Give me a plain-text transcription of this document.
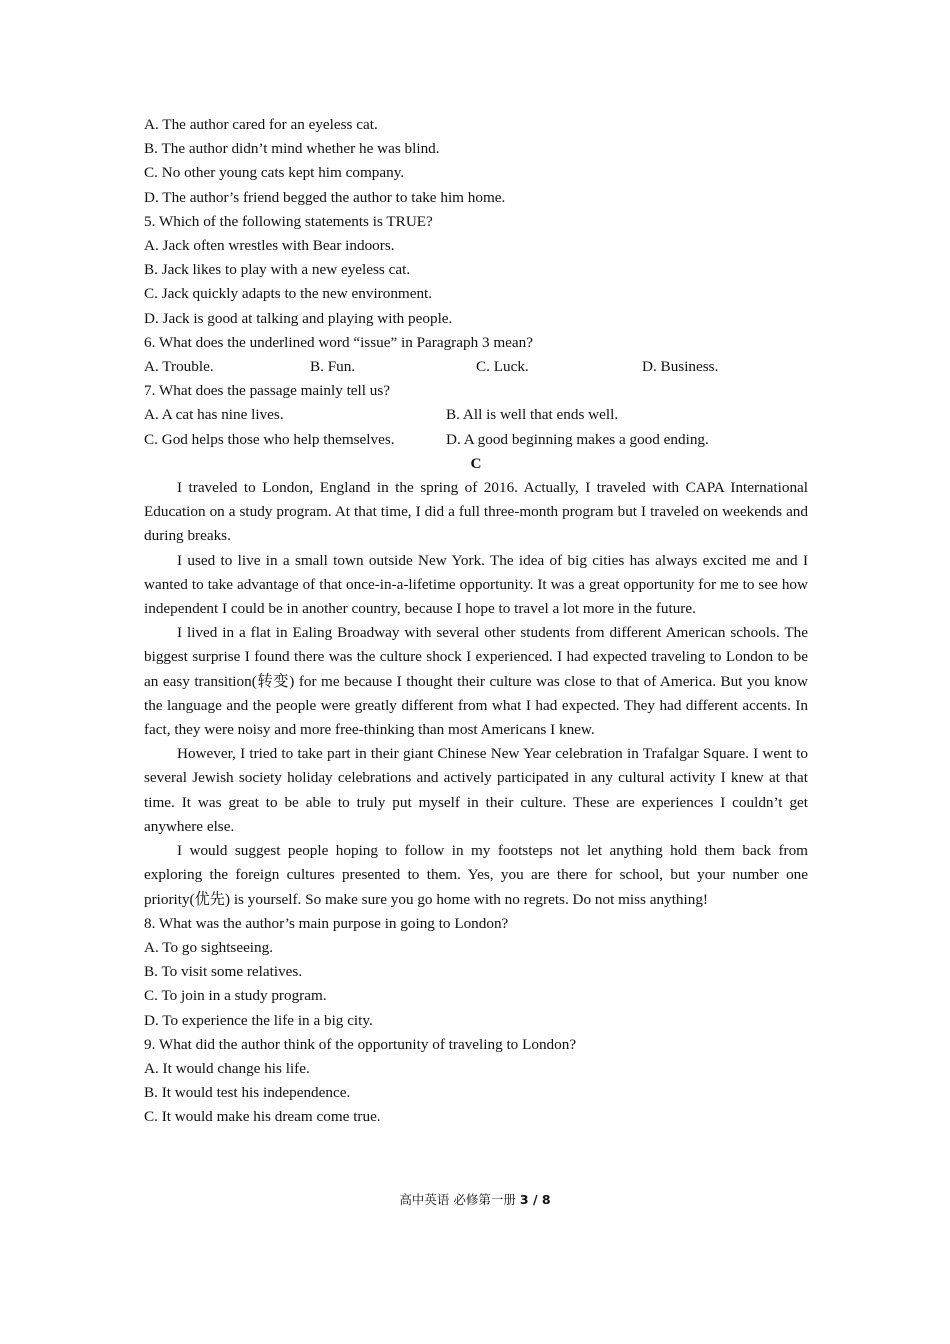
A. The author cared for an eyeless cat.
B. The author didn’t mind whether he was blind.
C. No other young cats kept him company.
D. The author’s friend begged the author to take him home.
5. Which of the following statements is TRUE?
A. Jack often wrestles with Bear indoors.
B. Jack likes to play with a new eyeless cat.
C. Jack quickly adapts to the new environment.
D. Jack is good at talking and playing with people.
6. What does the underlined word “issue” in Paragraph 3 mean?
A. Trouble.	B. Fun.	C. Luck.	D. Business.
7. What does the passage mainly tell us?
A. A cat has nine lives.	B. All is well that ends well.
C. God helps those who help themselves.	D. A good beginning makes a good ending.
C
I traveled to London, England in the spring of 2016. Actually, I traveled with CAPA International Education on a study program. At that time, I did a full three-month program but I traveled on weekends and during breaks.
I used to live in a small town outside New York. The idea of big cities has always excited me and I wanted to take advantage of that once-in-a-lifetime opportunity. It was a great opportunity for me to see how independent I could be in another country, because I hope to travel a lot more in the future.
I lived in a flat in Ealing Broadway with several other students from different American schools. The biggest surprise I found there was the culture shock I experienced. I had expected traveling to London to be an easy transition(转变) for me because I thought their culture was close to that of America. But you know the language and the people were greatly different from what I had expected. They had different accents. In fact, they were noisy and more free-thinking than most Americans I knew.
However, I tried to take part in their giant Chinese New Year celebration in Trafalgar Square. I went to several Jewish society holiday celebrations and actively participated in any cultural activity I knew at that time. It was great to be able to truly put myself in their culture. These are experiences I couldn’t get anywhere else.
I would suggest people hoping to follow in my footsteps not let anything hold them back from exploring the foreign cultures presented to them. Yes, you are there for school, but your number one priority(优先) is yourself. So make sure you go home with no regrets. Do not miss anything!
8. What was the author’s main purpose in going to London?
A. To go sightseeing.
B. To visit some relatives.
C. To join in a study program.
D. To experience the life in a big city.
9. What did the author think of the opportunity of traveling to London?
A. It would change his life.
B. It would test his independence.
C. It would make his dream come true.
高中英语 必修第一册 3 / 8
